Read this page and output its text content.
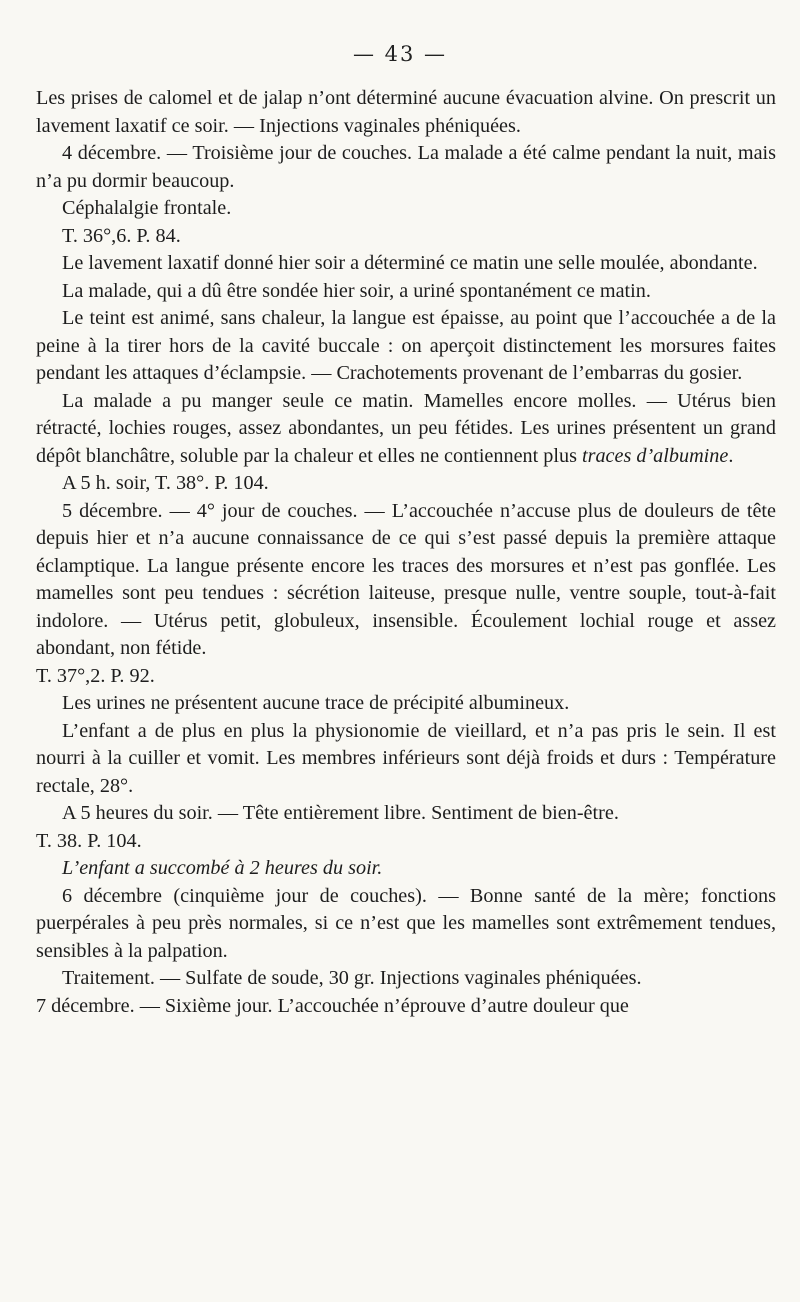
— 43 —

Les prises de calomel et de jalap n’ont déterminé aucune évacuation alvine. On prescrit un lavement laxatif ce soir. — Injections vaginales phéniquées.

4 décembre. — Troisième jour de couches. La malade a été calme pendant la nuit, mais n’a pu dormir beaucoup.

Céphalalgie frontale.

T. 36°,6. P. 84.

Le lavement laxatif donné hier soir a déterminé ce matin une selle moulée, abondante.

La malade, qui a dû être sondée hier soir, a uriné spontanément ce matin.

Le teint est animé, sans chaleur, la langue est épaisse, au point que l’accouchée a de la peine à la tirer hors de la cavité buccale : on aperçoit distinctement les morsures faites pendant les attaques d’éclampsie. — Crachotements provenant de l’embarras du gosier.

La malade a pu manger seule ce matin. Mamelles encore molles. — Utérus bien rétracté, lochies rouges, assez abondantes, un peu fétides. Les urines présentent un grand dépôt blanchâtre, soluble par la chaleur et elles ne contiennent plus traces d’albumine.

A 5 h. soir, T. 38°. P. 104.

5 décembre. — 4° jour de couches. — L’accouchée n’accuse plus de douleurs de tête depuis hier et n’a aucune connaissance de ce qui s’est passé depuis la première attaque éclamptique. La langue présente encore les traces des morsures et n’est pas gonflée. Les mamelles sont peu tendues : sécrétion laiteuse, presque nulle, ventre souple, tout-à-fait indolore. — Utérus petit, globuleux, insensible. Écoulement lochial rouge et assez abondant, non fétide.

T. 37°,2. P. 92.

Les urines ne présentent aucune trace de précipité albumineux.

L’enfant a de plus en plus la physionomie de vieillard, et n’a pas pris le sein. Il est nourri à la cuiller et vomit. Les membres inférieurs sont déjà froids et durs : Température rectale, 28°.

A 5 heures du soir. — Tête entièrement libre. Sentiment de bien-être.

T. 38. P. 104.

L’enfant a succombé à 2 heures du soir.

6 décembre (cinquième jour de couches). — Bonne santé de la mère; fonctions puerpérales à peu près normales, si ce n’est que les mamelles sont extrêmement tendues, sensibles à la palpation.

Traitement. — Sulfate de soude, 30 gr. Injections vaginales phéniquées.

7 décembre. — Sixième jour. L’accouchée n’éprouve d’autre douleur que
